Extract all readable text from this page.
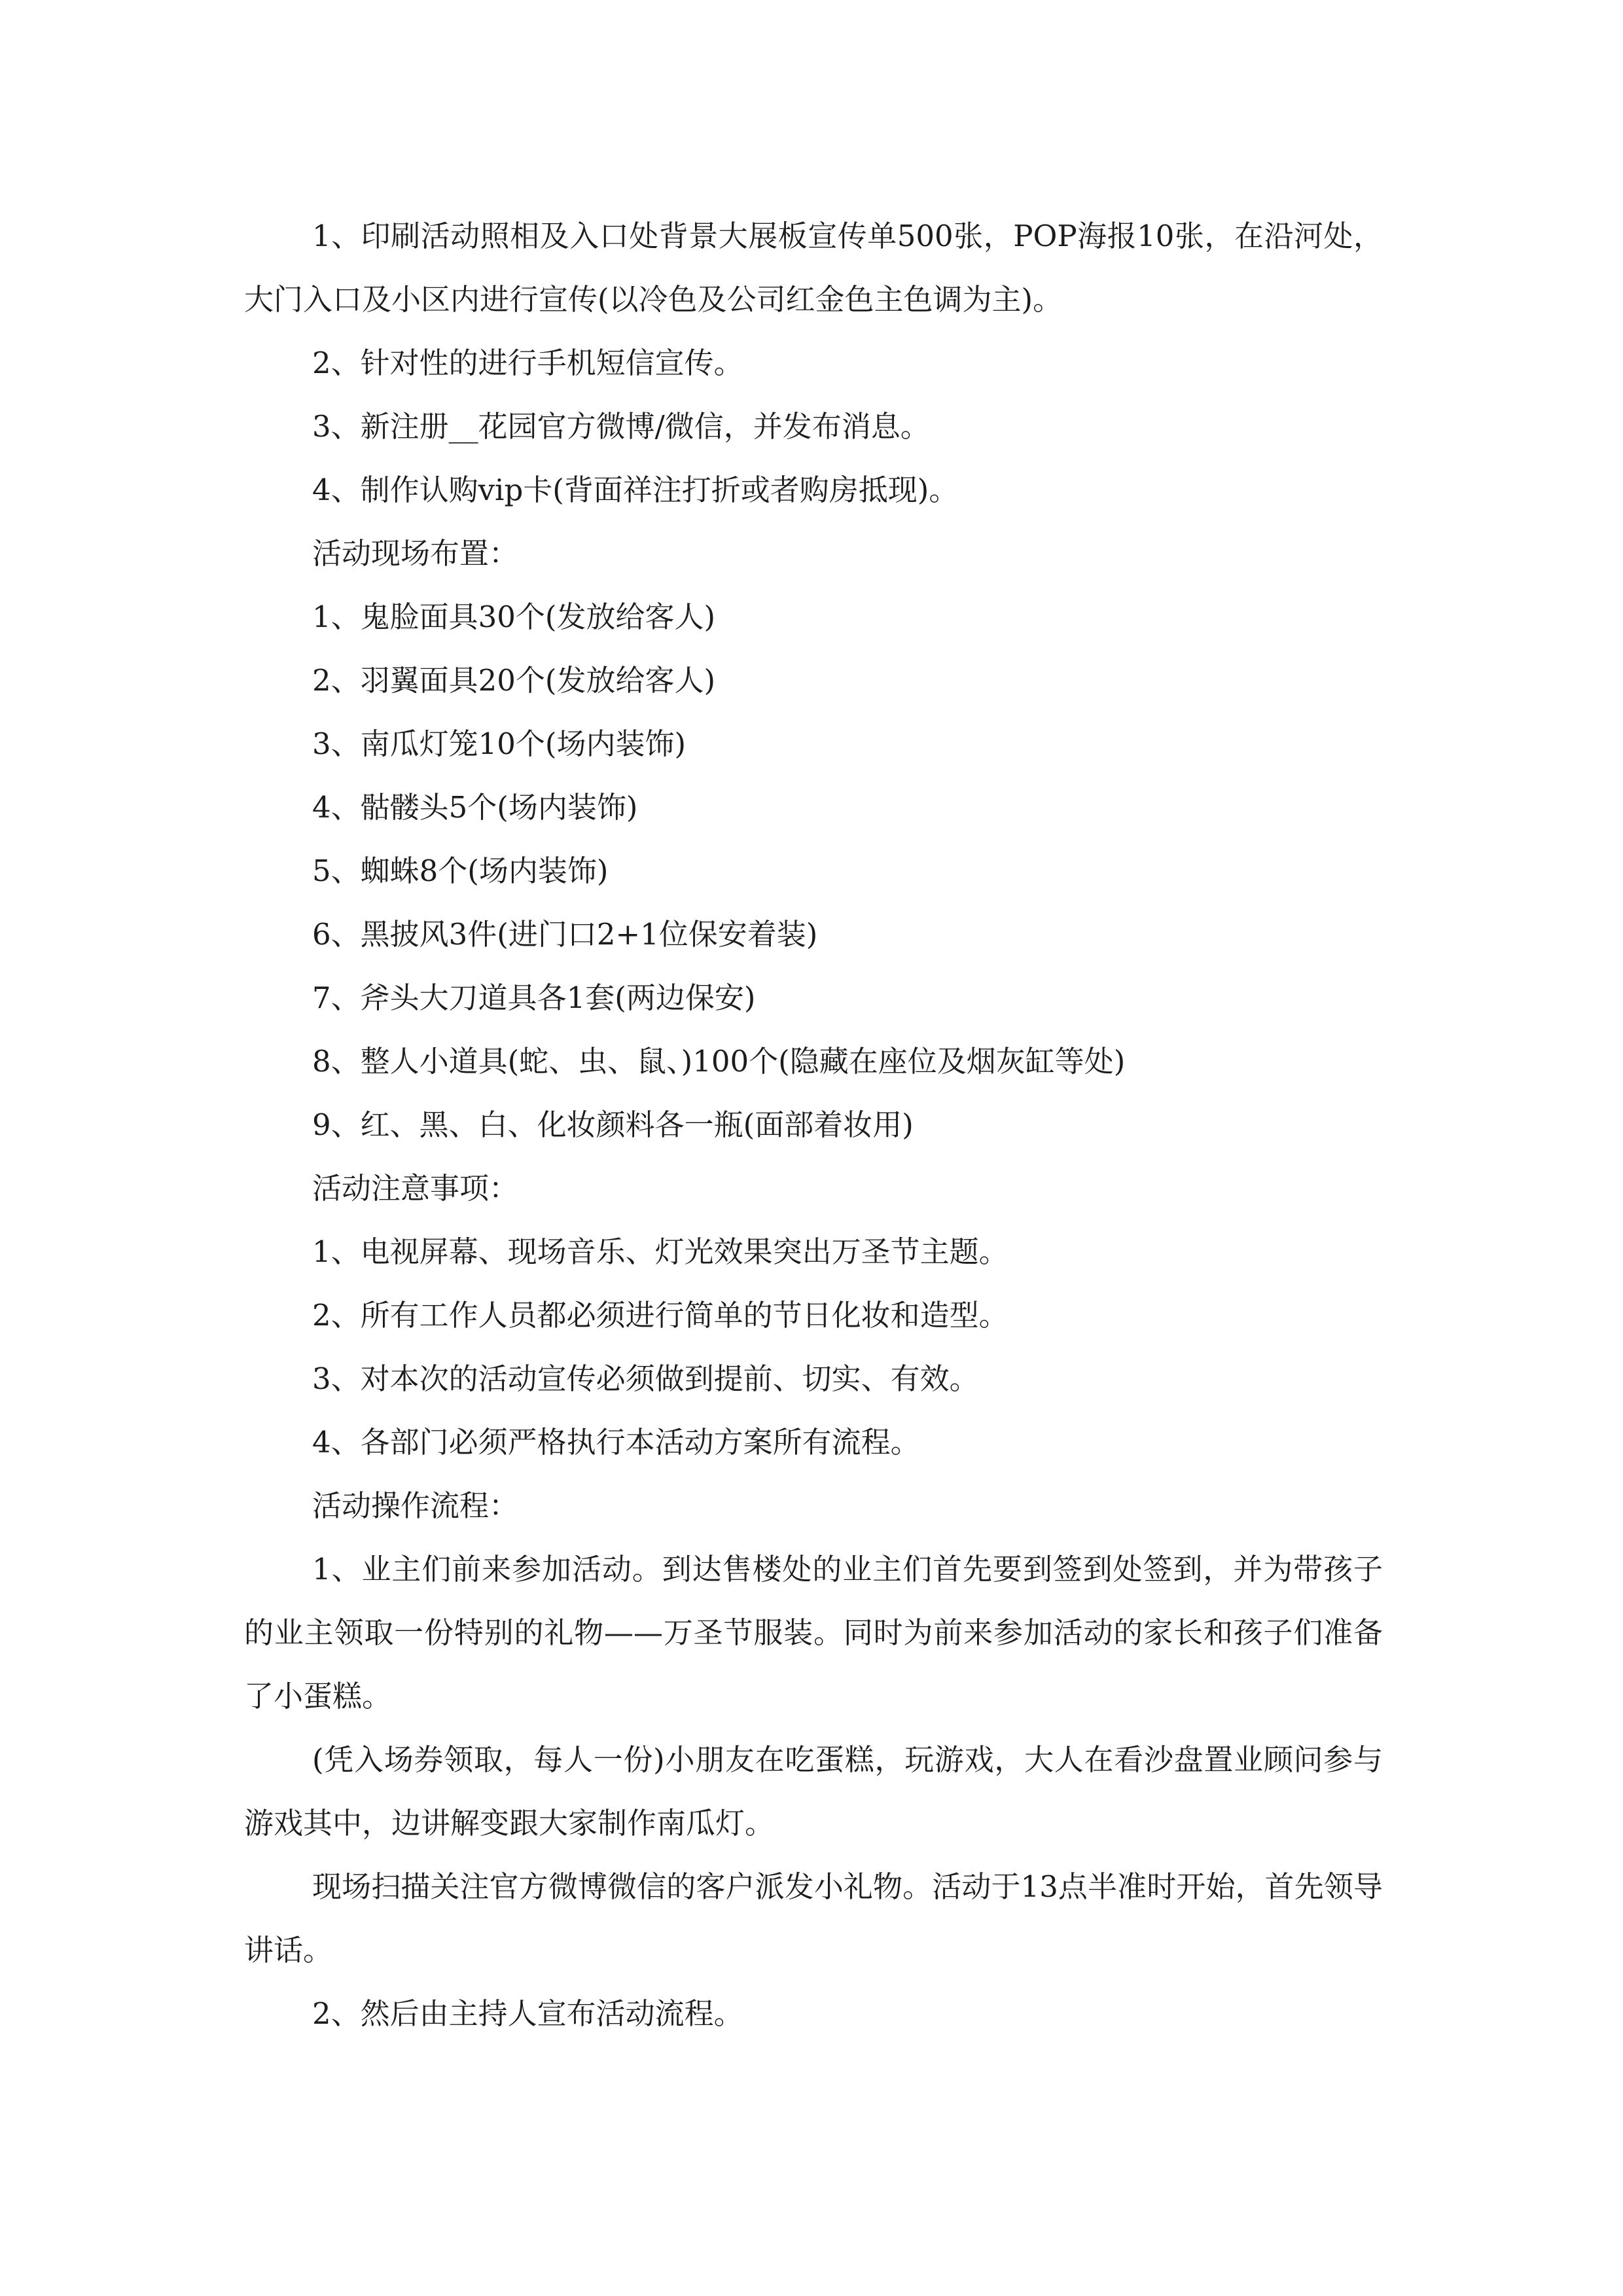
1、印刷活动照相及入口处背景大展板宣传单500张，POP海报10张，在沿河处，大门入口及小区内进行宣传(以冷色及公司红金色主色调为主)。

2、针对性的进行手机短信宣传。

3、新注册__花园官方微博/微信，并发布消息。

4、制作认购vip卡(背面祥注打折或者购房抵现)。

活动现场布置：

1、鬼脸面具30个(发放给客人)

2、羽翼面具20个(发放给客人)

3、南瓜灯笼10个(场内装饰)

4、骷髅头5个(场内装饰)

5、蜘蛛8个(场内装饰)

6、黑披风3件(进门口2+1位保安着装)

7、斧头大刀道具各1套(两边保安)

8、整人小道具(蛇、虫、鼠、)100个(隐藏在座位及烟灰缸等处)

9、红、黑、白、化妆颜料各一瓶(面部着妆用)

活动注意事项：

1、电视屏幕、现场音乐、灯光效果突出万圣节主题。

2、所有工作人员都必须进行简单的节日化妆和造型。

3、对本次的活动宣传必须做到提前、切实、有效。

4、各部门必须严格执行本活动方案所有流程。

活动操作流程：

1、业主们前来参加活动。到达售楼处的业主们首先要到签到处签到，并为带孩子的业主领取一份特别的礼物——万圣节服装。同时为前来参加活动的家长和孩子们准备了小蛋糕。

(凭入场券领取，每人一份)小朋友在吃蛋糕，玩游戏，大人在看沙盘置业顾问参与游戏其中，边讲解变跟大家制作南瓜灯。

现场扫描关注官方微博微信的客户派发小礼物。活动于13点半准时开始，首先领导讲话。

2、然后由主持人宣布活动流程。
